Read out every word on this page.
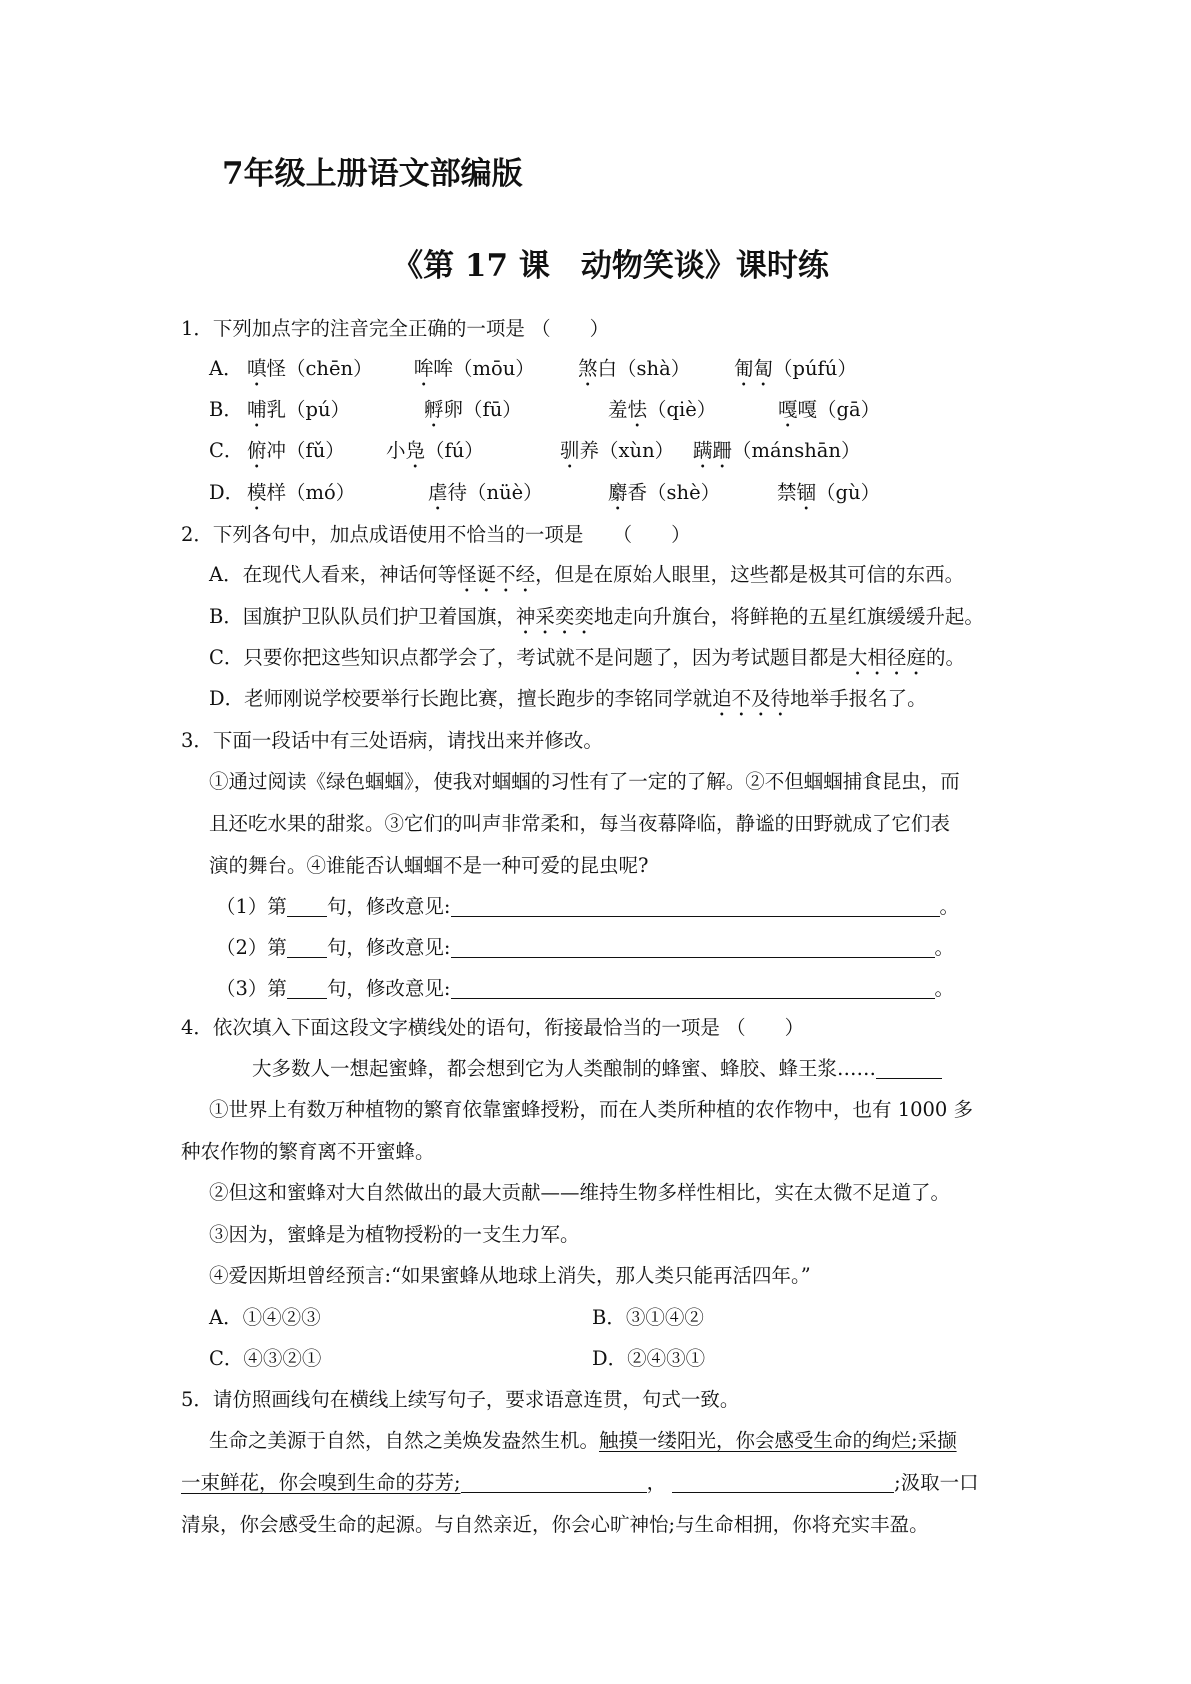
7年级上册语文部编版
《第 17 课　动物笑谈》课时练
1．下列加点字的注音完全正确的一项是 （　　）
A． 嗔怪（chēn） 哞哞（mōu） 煞白（shà） 匍匐（púfú）
B． 哺乳（pú）	孵卵（fū）	羞怯（qiè）	嘎嘎（gā）
C． 俯冲（fǔ） 小凫（fú）	驯养（xùn） 蹒跚（mánshān）
D． 模样（mó）	虐待（nüè）	麝香（shè）	禁锢（gù）
2．下列各句中，加点成语使用不恰当的一项是　　（　　）
A．在现代人看来，神话何等怪诞不经，但是在原始人眼里，这些都是极其可信的东西。
B．国旗护卫队队员们护卫着国旗，神采奕奕地走向升旗台，将鲜艳的五星红旗缓缓升起。
C．只要你把这些知识点都学会了，考试就不是问题了，因为考试题目都是大相径庭的。
D．老师刚说学校要举行长跑比赛，擅长跑步的李铭同学就迫不及待地举手报名了。
3．下面一段话中有三处语病，请找出来并修改。
①通过阅读《绿色蝈蝈》，使我对蝈蝈的习性有了一定的了解。②不但蝈蝈捕食昆虫，而
且还吃水果的甜浆。③它们的叫声非常柔和，每当夜幕降临，静谧的田野就成了它们表
演的舞台。④谁能否认蝈蝈不是一种可爱的昆虫呢?
（1）第 句，修改意见:	。
（2）第 句，修改意见:	。
（3）第 句，修改意见:	。
4．依次填入下面这段文字横线处的语句，衔接最恰当的一项是 （　　）
大多数人一想起蜜蜂，都会想到它为人类酿制的蜂蜜、蜂胶、蜂王浆……
①世界上有数万种植物的繁育依靠蜜蜂授粉，而在人类所种植的农作物中，也有 1000 多
种农作物的繁育离不开蜜蜂。
②但这和蜜蜂对大自然做出的最大贡献——维持生物多样性相比，实在太微不足道了。
③因为，蜜蜂是为植物授粉的一支生力军。
④爱因斯坦曾经预言:“如果蜜蜂从地球上消失，那人类只能再活四年。”
A．①④②③	B．③①④②
C．④③②①	D．②④③①
5．请仿照画线句在横线上续写句子，要求语意连贯，句式一致。
生命之美源于自然，自然之美焕发盎然生机。触摸一缕阳光，你会感受生命的绚烂;采撷
一束鲜花，你会嗅到生命的芬芳;	，	;汲取一口
清泉，你会感受生命的起源。与自然亲近，你会心旷神怡;与生命相拥，你将充实丰盈。
